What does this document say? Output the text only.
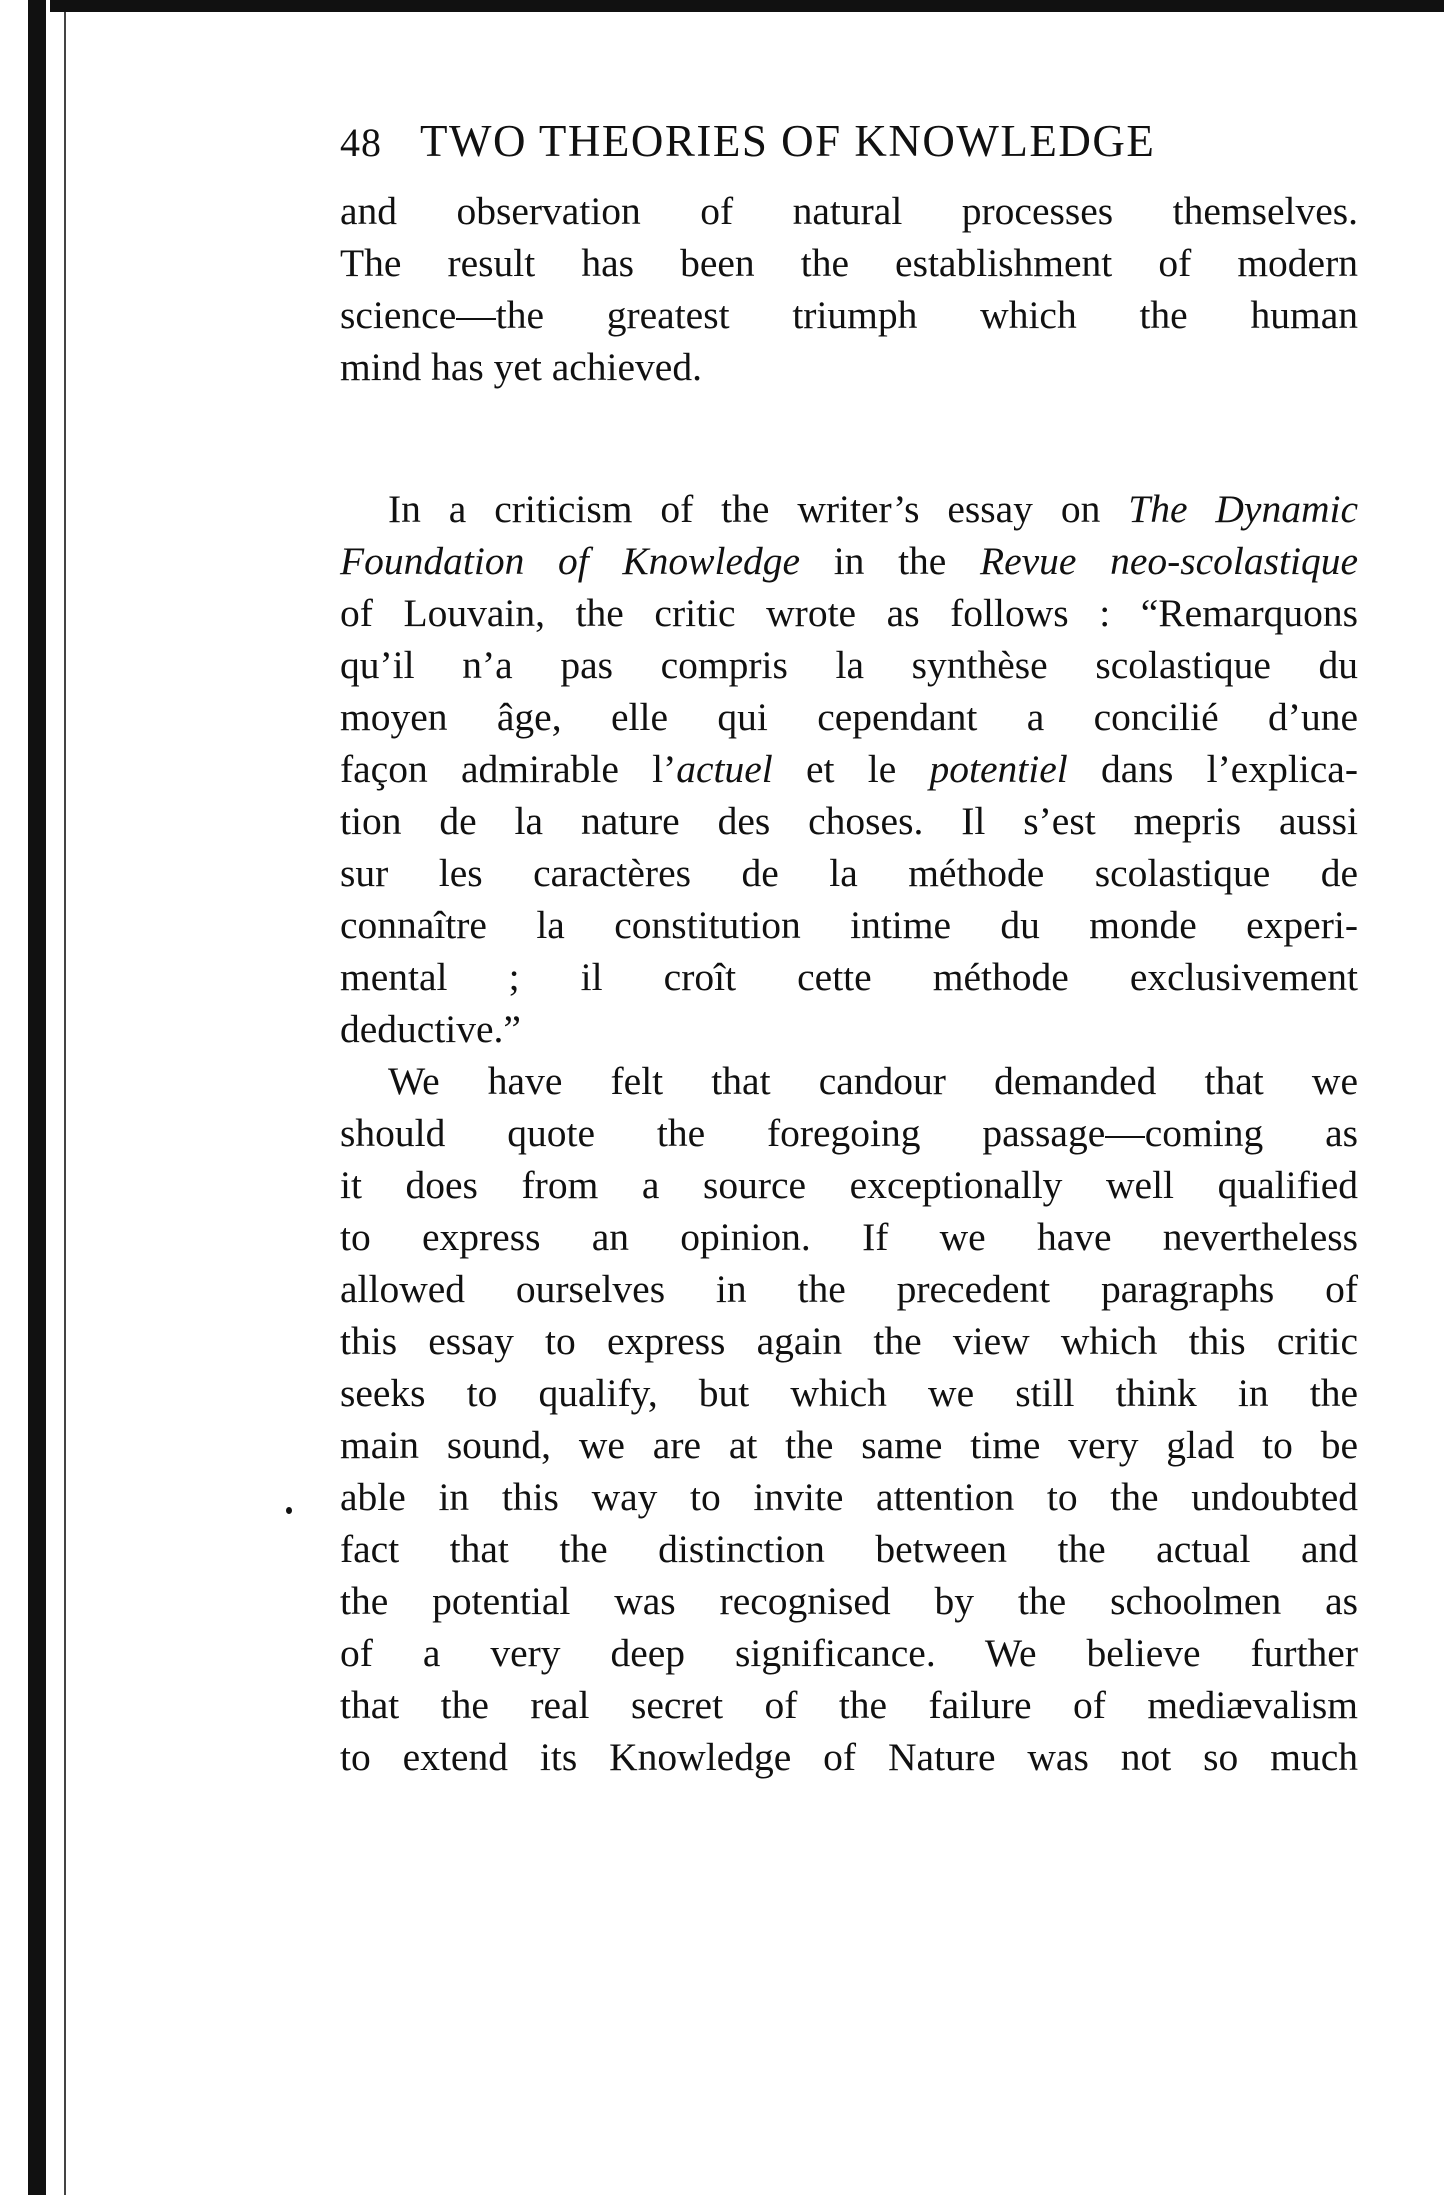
48 TWO THEORIES OF KNOWLEDGE
and observation of natural processes themselves.
The result has been the establishment of modern
science—the greatest triumph which the human
mind has yet achieved.
In a criticism of the writer’s essay on The Dynamic
Foundation of Knowledge in the Revue neo-scolastique
of Louvain, the critic wrote as follows : “Remarquons
qu’il n’a pas compris la synthèse scolastique du
moyen âge, elle qui cependant a concilié d’une
façon admirable l’actuel et le potentiel dans l’explica-
tion de la nature des choses. Il s’est mepris aussi
sur les caractères de la méthode scolastique de
connaître la constitution intime du monde experi-
mental ; il croît cette méthode exclusivement
deductive.”
We have felt that candour demanded that we
should quote the foregoing passage—coming as
it does from a source exceptionally well qualified
to express an opinion. If we have nevertheless
allowed ourselves in the precedent paragraphs of
this essay to express again the view which this critic
seeks to qualify, but which we still think in the
main sound, we are at the same time very glad to be
able in this way to invite attention to the undoubted
fact that the distinction between the actual and
the potential was recognised by the schoolmen as
of a very deep significance. We believe further
that the real secret of the failure of mediævalism
to extend its Knowledge of Nature was not so much
